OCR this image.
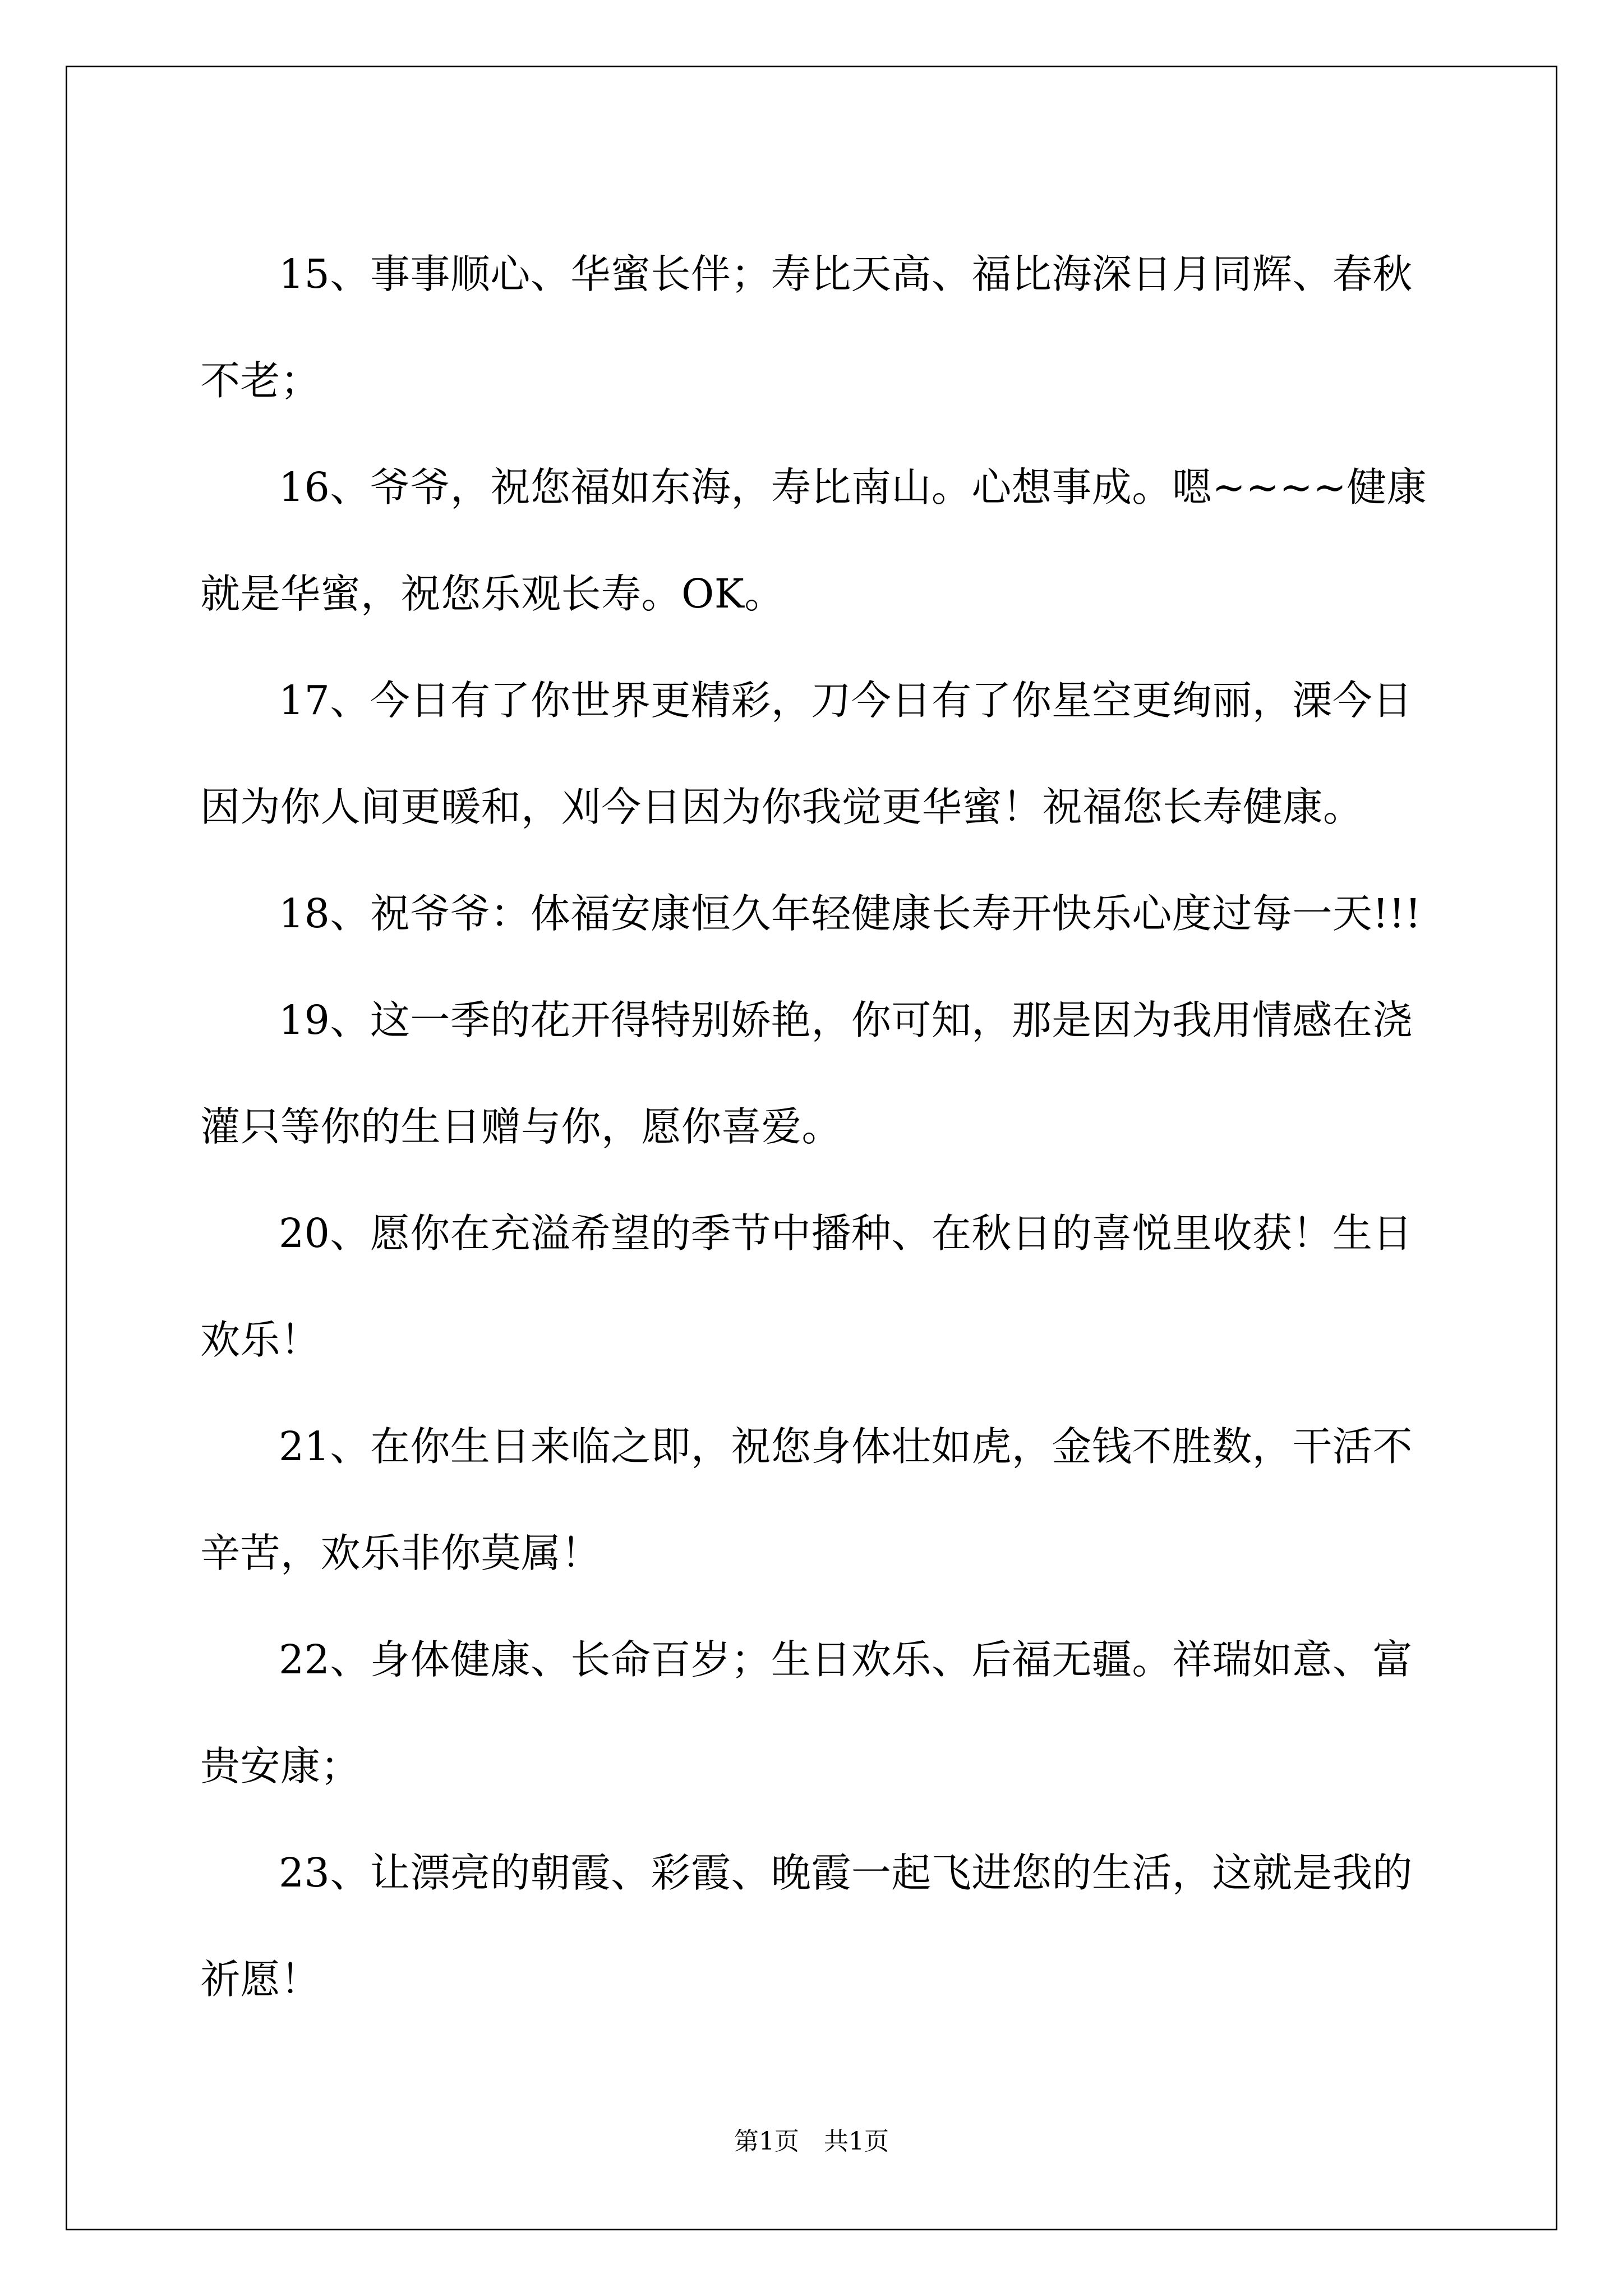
15、事事顺心、华蜜长伴；寿比天高、福比海深日月同辉、春秋不老；

16、爷爷，祝您福如东海，寿比南山。心想事成。嗯~~~~健康就是华蜜，祝您乐观长寿。OK。

17、今日有了你世界更精彩，刀今日有了你星空更绚丽，溧今日因为你人间更暖和，刈今日因为你我觉更华蜜！祝福您长寿健康。

18、祝爷爷：体福安康恒久年轻健康长寿开快乐心度过每一天!!!

19、这一季的花开得特别娇艳，你可知，那是因为我用情感在浇灌只等你的生日赠与你，愿你喜爱。

20、愿你在充溢希望的季节中播种、在秋日的喜悦里收获！生日欢乐！

21、在你生日来临之即，祝您身体壮如虎，金钱不胜数，干活不辛苦，欢乐非你莫属！

22、身体健康、长命百岁；生日欢乐、后福无疆。祥瑞如意、富贵安康；

23、让漂亮的朝霞、彩霞、晚霞一起飞进您的生活，这就是我的祈愿！

第1页　共1页
